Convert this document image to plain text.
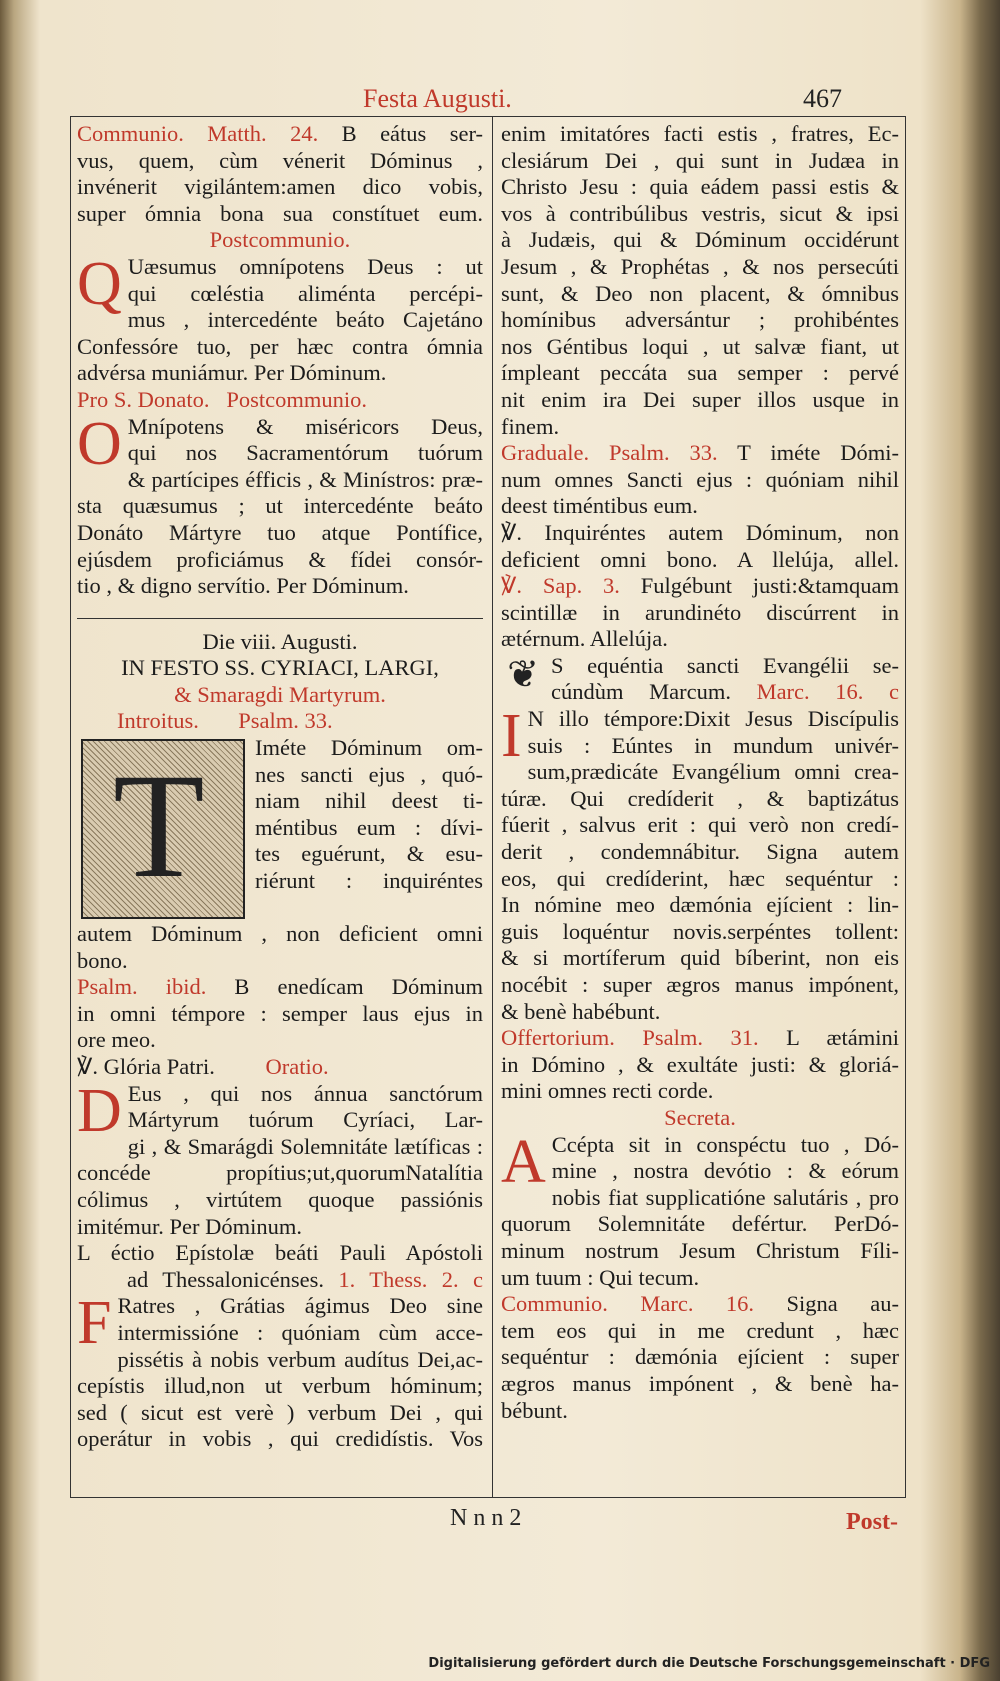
Festa Augusti.	467
Communio. Matth. 24. B eátus ser-
vus, quem, cùm vénerit Dóminus ,
invénerit vigilántem:amen dico vobis,
super ómnia bona sua constítuet eum.
Postcommunio.
Q Uæsumus omnípotens Deus : ut
qui cœléstia aliménta percépi-
mus , intercedénte beáto Cajetáno
Confessóre tuo, per hæc contra ómnia
advérsa muniámur. Per Dóminum.
Pro S. Donato. Postcommunio.
O Mnípotens & miséricors Deus,
qui nos Sacramentórum tuórum
& partícipes éfficis , & Minístros: præ-
sta quæsumus ; ut intercedénte beáto
Donáto Mártyre tuo atque Pontífice,
ejúsdem proficiámus & fídei consór-
tio , & digno servítio. Per Dóminum.
Die viii. Augusti.
IN FESTO SS. CYRIACI, LARGI,
& Smaragdi Martyrum.
Introitus. Psalm. 33.
T Iméte Dóminum om-
nes sancti ejus , quó-
niam nihil deest ti-
méntibus eum : dívi-
tes eguérunt, & esu-
riérunt : inquiréntes
autem Dóminum , non deficient omni
bono.
Psalm. ibid. B enedícam Dóminum
in omni témpore : semper laus ejus in
ore meo.
℣. Glória Patri. Oratio.
D Eus , qui nos ánnua sanctórum
Mártyrum tuórum Cyríaci, Lar-
gi , & Smarágdi Solemnitáte lætíficas :
concéde propítius;ut,quorumNatalítia
cólimus , virtútem quoque passiónis
imitémur. Per Dóminum.
L éctio Epístolæ beáti Pauli Apóstoli
ad Thessalonicénses. 1. Thess. 2. c
F Ratres , Grátias ágimus Deo sine
intermissióne : quóniam cùm acce-
pissétis à nobis verbum audítus Dei,ac-
cepístis illud,non ut verbum hóminum;
sed ( sicut est verè ) verbum Dei , qui
operátur in vobis , qui credidístis. Vos
enim imitatóres facti estis , fratres, Ec-
clesiárum Dei , qui sunt in Judæa in
Christo Jesu : quia eádem passi estis &
vos à contribúlibus vestris, sicut & ipsi
à Judæis, qui & Dóminum occidérunt
Jesum , & Prophétas , & nos persecúti
sunt, & Deo non placent, & ómnibus
homínibus adversántur ; prohibéntes
nos Géntibus loqui , ut salvæ fiant, ut
ímpleant peccáta sua semper : pervé
nit enim ira Dei super illos usque in
finem.
Graduale. Psalm. 33. T iméte Dómi-
num omnes Sancti ejus : quóniam nihil
deest timéntibus eum.
℣. Inquiréntes autem Dóminum, non
deficient omni bono. A llelúja, allel.
℣. Sap. 3. Fulgébunt justi:&tamquam
scintillæ in arundinéto discúrrent in
ætérnum. Allelúja.
❦ S equéntia sancti Evangélii se-
cúndùm Marcum. Marc. 16. c
I N illo témpore:Dixit Jesus Discípulis
suis : Eúntes in mundum univér-
sum,prædicáte Evangélium omni crea-
túræ. Qui credíderit , & baptizátus
fúerit , salvus erit : qui verò non credí-
derit , condemnábitur. Signa autem
eos, qui credíderint, hæc sequéntur :
In nómine meo dæmónia ejícient : lin-
guis loquéntur novis.serpéntes tollent:
& si mortíferum quid bíberint, non eis
nocébit : super ægros manus impónent,
& benè habébunt.
Offertorium. Psalm. 31. L ætámini
in Dómino , & exultáte justi: & gloriá-
mini omnes recti corde.
Secreta.
A Ccépta sit in conspéctu tuo , Dó-
mine , nostra devótio : & eórum
nobis fiat supplicatióne salutáris , pro
quorum Solemnitáte defértur. PerDó-
minum nostrum Jesum Christum Fíli-
um tuum : Qui tecum.
Communio. Marc. 16. Signa au-
tem eos qui in me credunt , hæc
sequéntur : dæmónia ejícient : super
ægros manus impónent , & benè ha-
bébunt.
N n n 2	Post-
Digitalisierung gefördert durch die Deutsche Forschungsgemeinschaft · DFG
